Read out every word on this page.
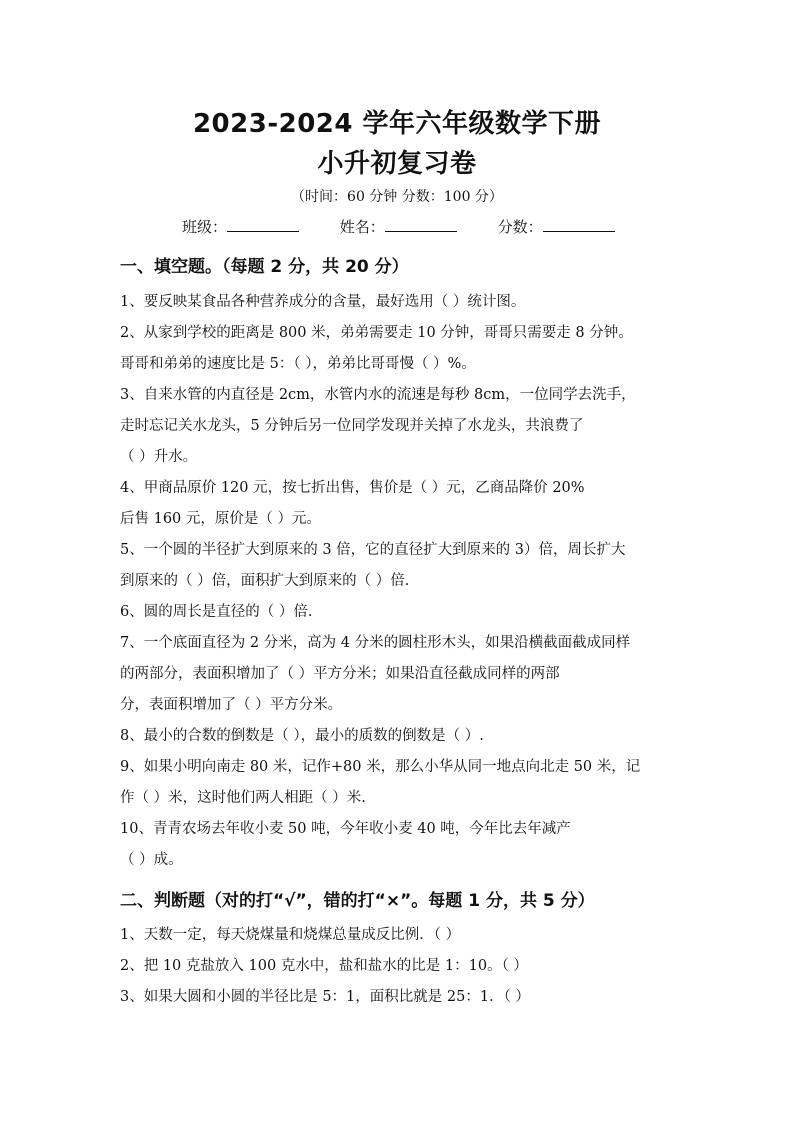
2023-2024 学年六年级数学下册
小升初复习卷
（时间：60 分钟 分数：100 分）
班级：	姓名：	分数：
一、填空题。（每题 2 分，共 20 分）
1、要反映某食品各种营养成分的含量，最好选用（ ）统计图。
2、从家到学校的距离是 800 米，弟弟需要走 10 分钟，哥哥只需要走 8 分钟。
哥哥和弟弟的速度比是 5：（ ），弟弟比哥哥慢（ ）%。
3、自来水管的内直径是 2cm，水管内水的流速是每秒 8cm，一位同学去洗手，
走时忘记关水龙头，5 分钟后另一位同学发现并关掉了水龙头，共浪费了
（ ）升水。
4、甲商品原价 120 元，按七折出售，售价是（ ）元，乙商品降价 20%
后售 160 元，原价是（ ）元。
5、一个圆的半径扩大到原来的 3 倍，它的直径扩大到原来的 3）倍，周长扩大
到原来的（ ）倍，面积扩大到原来的（ ）倍.
6、圆的周长是直径的（ ）倍.
7、一个底面直径为 2 分米，高为 4 分米的圆柱形木头，如果沿横截面截成同样
的两部分，表面积增加了（ ）平方分米；如果沿直径截成同样的两部
分，表面积增加了（ ）平方分米。
8、最小的合数的倒数是（ ），最小的质数的倒数是（ ）.
9、如果小明向南走 80 米，记作+80 米，那么小华从同一地点向北走 50 米，记
作（ ）米，这时他们两人相距（ ）米.
10、青青农场去年收小麦 50 吨，今年收小麦 40 吨，今年比去年减产
（ ）成。
二、判断题（对的打“√”，错的打“×”。每题 1 分，共 5 分）
1、天数一定，每天烧煤量和烧煤总量成反比例．（ ）
2、把 10 克盐放入 100 克水中，盐和盐水的比是 1：10。（ ）
3、如果大圆和小圆的半径比是 5：1，面积比就是 25：1．（ ）
